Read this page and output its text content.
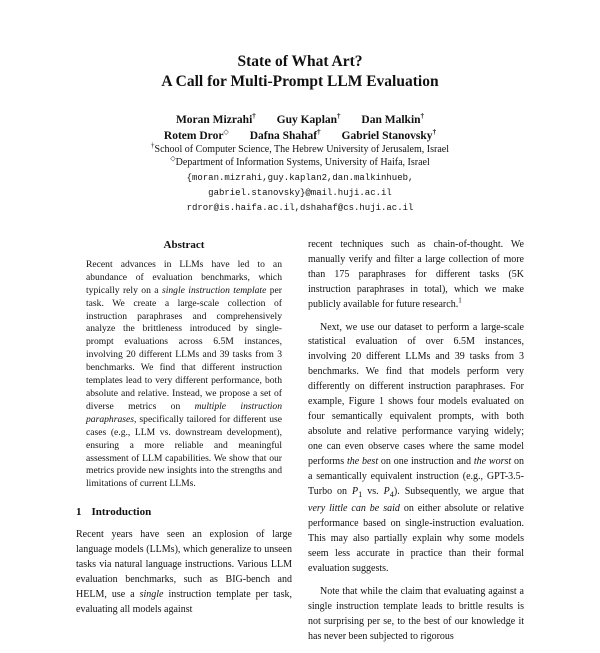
State of What Art?
A Call for Multi-Prompt LLM Evaluation
Moran Mizrahi† Guy Kaplan† Dan Malkin†
Rotem Dror◇ Dafna Shahaf† Gabriel Stanovsky†
†School of Computer Science, The Hebrew University of Jerusalem, Israel
◇Department of Information Systems, University of Haifa, Israel
{moran.mizrahi,guy.kaplan2,dan.malkinhueb,
gabriel.stanovsky}@mail.huji.ac.il
rdror@is.haifa.ac.il,dshahaf@cs.huji.ac.il
Abstract
Recent advances in LLMs have led to an abundance of evaluation benchmarks, which typically rely on a single instruction template per task. We create a large-scale collection of instruction paraphrases and comprehensively analyze the brittleness introduced by single-prompt evaluations across 6.5M instances, involving 20 different LLMs and 39 tasks from 3 benchmarks. We find that different instruction templates lead to very different performance, both absolute and relative. Instead, we propose a set of diverse metrics on multiple instruction paraphrases, specifically tailored for different use cases (e.g., LLM vs. downstream development), ensuring a more reliable and meaningful assessment of LLM capabilities. We show that our metrics provide new insights into the strengths and limitations of current LLMs.
1 Introduction

Recent years have seen an explosion of large language models (LLMs), which generalize to unseen tasks via natural language instructions. Various LLM evaluation benchmarks, such as BIG-bench and HELM, use a single instruction template per task, evaluating all models against

recent techniques such as chain-of-thought. We manually verify and filter a large collection of more than 175 paraphrases for different tasks (5K instruction paraphrases in total), which we make publicly available for future research.$^1$

Next, we use our dataset to perform a large-scale statistical evaluation of over 6.5M instances, involving 20 different LLMs and 39 tasks from 3 benchmarks. We find that models perform very differently on different instruction paraphrases. For example, Figure 1 shows four models evaluated on four semantically equivalent prompts, with both absolute and relative performance varying widely; one can even observe cases where the same model performs the best on one instruction and the worst on a semantically equivalent instruction (e.g., GPT-3.5-Turbo on $P_1$ vs. $P_4$). Subsequently, we argue that very little can be said on either absolute or relative performance based on single-instruction evaluation. This may also partially explain why some models seem less accurate in practice than their formal evaluation suggests.

Note that while the claim that evaluating against a single instruction template leads to brittle results is not surprising per se, to the best of our knowledge it has never been subjected to rigorous
